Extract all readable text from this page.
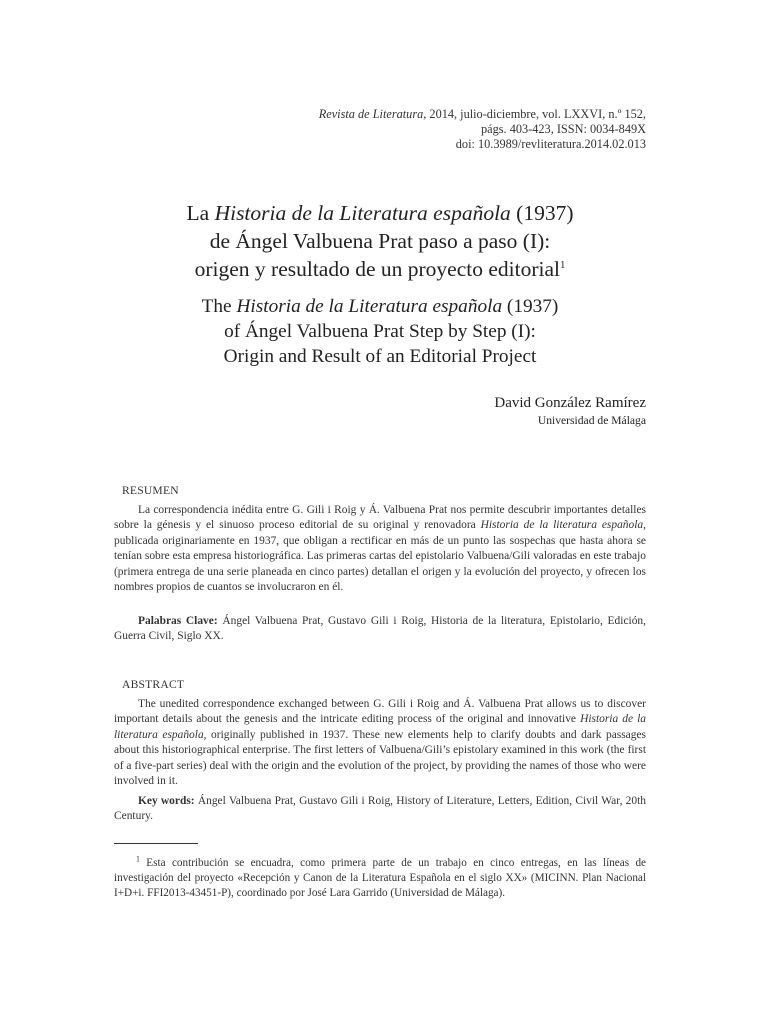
Revista de Literatura, 2014, julio-diciembre, vol. LXXVI, n.º 152,
págs. 403-423, ISSN: 0034-849X
doi: 10.3989/revliteratura.2014.02.013
La Historia de la Literatura española (1937)
de Ángel Valbuena Prat paso a paso (I):
origen y resultado de un proyecto editorial$^1$
The Historia de la Literatura española (1937)
of Ángel Valbuena Prat Step by Step (I):
Origin and Result of an Editorial Project
David González Ramírez
Universidad de Málaga
RESUMEN

La correspondencia inédita entre G. Gili i Roig y Á. Valbuena Prat nos permite descubrir importantes detalles sobre la génesis y el sinuoso proceso editorial de su original y renovadora Historia de la literatura española, publicada originariamente en 1937, que obligan a rectificar en más de un punto las sospechas que hasta ahora se tenían sobre esta empresa historiográfica. Las primeras cartas del epistolario Valbuena/Gili valoradas en este trabajo (primera entrega de una serie planeada en cinco partes) detallan el origen y la evolución del proyecto, y ofrecen los nombres propios de cuantos se involucraron en él.

Palabras Clave: Ángel Valbuena Prat, Gustavo Gili i Roig, Historia de la literatura, Epistolario, Edición, Guerra Civil, Siglo XX.

ABSTRACT

The unedited correspondence exchanged between G. Gili i Roig and Á. Valbuena Prat allows us to discover important details about the genesis and the intricate editing process of the original and innovative Historia de la literatura española, originally published in 1937. These new elements help to clarify doubts and dark passages about this historiographical enterprise. The first letters of Valbuena/Gili’s epistolary examined in this work (the first of a five-part series) deal with the origin and the evolution of the project, by providing the names of those who were involved in it.

Key words: Ángel Valbuena Prat, Gustavo Gili i Roig, History of Literature, Letters, Edition, Civil War, 20th Century.

$^1$ Esta contribución se encuadra, como primera parte de un trabajo en cinco entregas, en las líneas de investigación del proyecto «Recepción y Canon de la Literatura Española en el siglo XX» (MICINN. Plan Nacional I+D+i. FFI2013-43451-P), coordinado por José Lara Garrido (Universidad de Málaga).
